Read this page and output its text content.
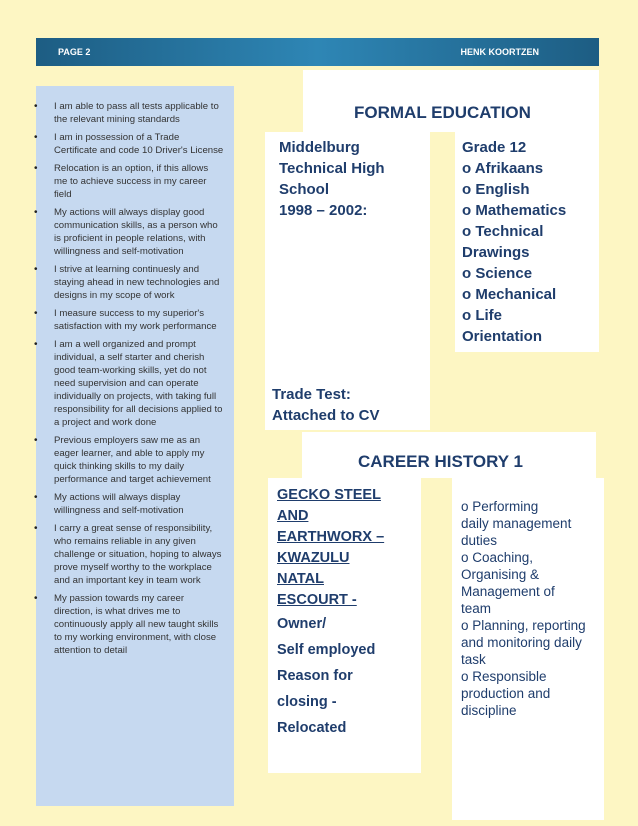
PAGE 2	HENK KOORTZEN
• I am able to pass all tests applicable to the relevant mining standards
• I am in possession of a Trade Certificate and code 10 Driver's License
• Relocation is an option, if this allows me to achieve success in my career field
• My actions will always display good communication skills, as a person who is proficient in people relations, with willingness and self-motivation
• I strive at learning continuesly and staying ahead in new technologies and designs in my scope of work
• I measure success to my superior's satisfaction with my work performance
• I am a well organized and prompt individual, a self starter and cherish good team-working skills, yet do not need supervision and can operate individually on projects, with taking full responsibility for all decisions applied to a project and work done
• Previous employers saw me as an eager learner, and able to apply my quick thinking skills to my daily performance and target achievement
• My actions will always display willingness and self-motivation
• I carry a great sense of responsibility, who remains reliable in any given challenge or situation, hoping to always prove myself worthy to the workplace and an important key in team work
• My passion towards my career direction, is what drives me to continuously apply all new taught skills to my working environment, with close attention to detail
FORMAL EDUCATION
Middelburg
Technical High
School
1998 – 2002:
Grade 12
o Afrikaans
o English
o Mathematics
o Technical
Drawings
o Science
o Mechanical
o Life
Orientation
Trade Test:
Attached to CV
CAREER HISTORY 1
GECKO STEEL
AND
EARTHWORX –
KWAZULU
NATAL
ESCOURT -
Owner/
Self employed
Reason for
closing -
Relocated
o Performing
daily management
duties
o Coaching,
Organising &
Management of
team
o Planning, reporting
and monitoring daily
task
o Responsible
production and
discipline
